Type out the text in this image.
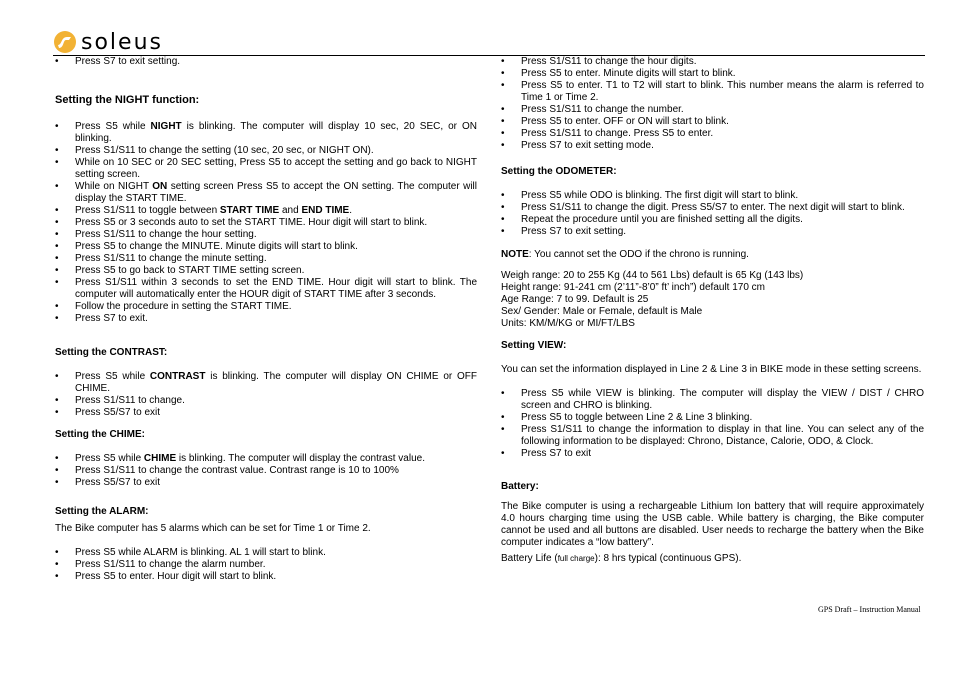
soleus
• Press S7 to exit setting.
Setting the NIGHT function:
• Press S5 while NIGHT is blinking. The computer will display 10 sec, 20 SEC, or ON blinking.
• Press S1/S11 to change the setting (10 sec, 20 sec, or NIGHT ON).
• While on 10 SEC or 20 SEC setting, Press S5 to accept the setting and go back to NIGHT setting screen.
• While on NIGHT ON setting screen Press S5 to accept the ON setting. The computer will display the START TIME.
• Press S1/S11 to toggle between START TIME and END TIME.
• Press S5 or 3 seconds auto to set the START TIME. Hour digit will start to blink.
• Press S1/S11 to change the hour setting.
• Press S5 to change the MINUTE. Minute digits will start to blink.
• Press S1/S11 to change the minute setting.
• Press S5 to go back to START TIME setting screen.
• Press S1/S11 within 3 seconds to set the END TIME. Hour digit will start to blink. The computer will automatically enter the HOUR digit of START TIME after 3 seconds.
• Follow the procedure in setting the START TIME.
• Press S7 to exit.
Setting the CONTRAST:
• Press S5 while CONTRAST is blinking. The computer will display ON CHIME or OFF CHIME.
• Press S1/S11 to change.
• Press S5/S7 to exit
Setting the CHIME:
• Press S5 while CHIME is blinking. The computer will display the contrast value.
• Press S1/S11 to change the contrast value. Contrast range is 10 to 100%
• Press S5/S7 to exit
Setting the ALARM:

The Bike computer has 5 alarms which can be set for Time 1 or Time 2.

• Press S5 while ALARM is blinking. AL 1 will start to blink.
• Press S1/S11 to change the alarm number.
• Press S5 to enter. Hour digit will start to blink.
• Press S1/S11 to change the hour digits.
• Press S5 to enter. Minute digits will start to blink.
• Press S5 to enter. T1 to T2 will start to blink. This number means the alarm is referred to Time 1 or Time 2.
• Press S1/S11 to change the number.
• Press S5 to enter. OFF or ON will start to blink.
• Press S1/S11 to change. Press S5 to enter.
• Press S7 to exit setting mode.
Setting the ODOMETER:
• Press S5 while ODO is blinking. The first digit will start to blink.
• Press S1/S11 to change the digit. Press S5/S7 to enter. The next digit will start to blink.
• Repeat the procedure until you are finished setting all the digits.
• Press S7 to exit setting.

NOTE: You cannot set the ODO if the chrono is running.

Weigh range: 20 to 255 Kg (44 to 561 Lbs) default is 65 Kg (143 lbs)

Height range: 91-241 cm (2’11”-8’0” ft’ inch”) default 170 cm

Age Range: 7 to 99. Default is 25

Sex/ Gender: Male or Female, default is Male

Units: KM/M/KG or MI/FT/LBS

Setting VIEW:

You can set the information displayed in Line 2 & Line 3 in BIKE mode in these setting screens.

• Press S5 while VIEW is blinking. The computer will display the VIEW / DIST / CHRO screen and CHRO is blinking.
• Press S5 to toggle between Line 2 & Line 3 blinking.
• Press S1/S11 to change the information to display in that line. You can select any of the following information to be displayed: Chrono, Distance, Calorie, ODO, & Clock.
• Press S7 to exit
Battery:

The Bike computer is using a rechargeable Lithium Ion battery that will require approximately 4.0 hours charging time using the USB cable. While battery is charging, the Bike computer cannot be used and all buttons are disabled. User needs to recharge the battery when the Bike computer indicates a “low battery”.

Battery Life (full charge): 8 hrs typical (continuous GPS).

GPS Draft – Instruction Manual
